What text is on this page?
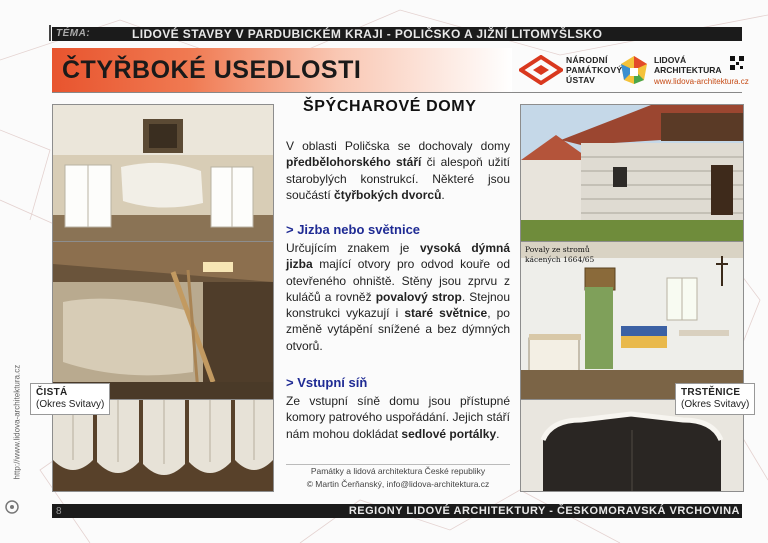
TÉMA:	LIDOVÉ STAVBY V PARDUBICKÉM KRAJI - POLIČSKO A JIŽNÍ LITOMYŠLSKO
ČTYŘBOKÉ USEDLOSTI	NÁRODNÍ
PAMÁTKOVÝ
ÚSTAV
LIDOVÁ
ARCHITEKTURA
www.lidova-architektura.cz
ČISTÁ
(Okres Svitavy)
Povaly ze stromů
kácených 1664/65
TRSTĚNICE
(Okres Svitavy)
ŠPÝCHAROVÉ DOMY
V oblasti Poličska se dochovaly domy předbělohorského stáří či alespoň užití starobylých konstrukcí. Některé jsou součástí čtyřbokých dvorců.
> Jizba nebo světnice
Určujícím znakem je vysoká dýmná jizba mající otvory pro odvod kouře od otevřeného ohniště. Stěny jsou zprvu z kuláčů a rovněž povalový strop. Stejnou konstrukci vykazují i staré světnice, po změně vytápění snížené a bez dýmných otvorů.
> Vstupní síň
Ze vstupní síně domu jsou přístupné komory patrového uspořádání. Jejich stáří nám mohou dokládat sedlové portálky.
Památky a lidová architektura České republiky
© Martin Čerňanský, info@lidova-architektura.cz
8	REGIONY LIDOVÉ ARCHITEKTURY - ČESKOMORAVSKÁ VRCHOVINA
http://www.lidova-architektura.cz
